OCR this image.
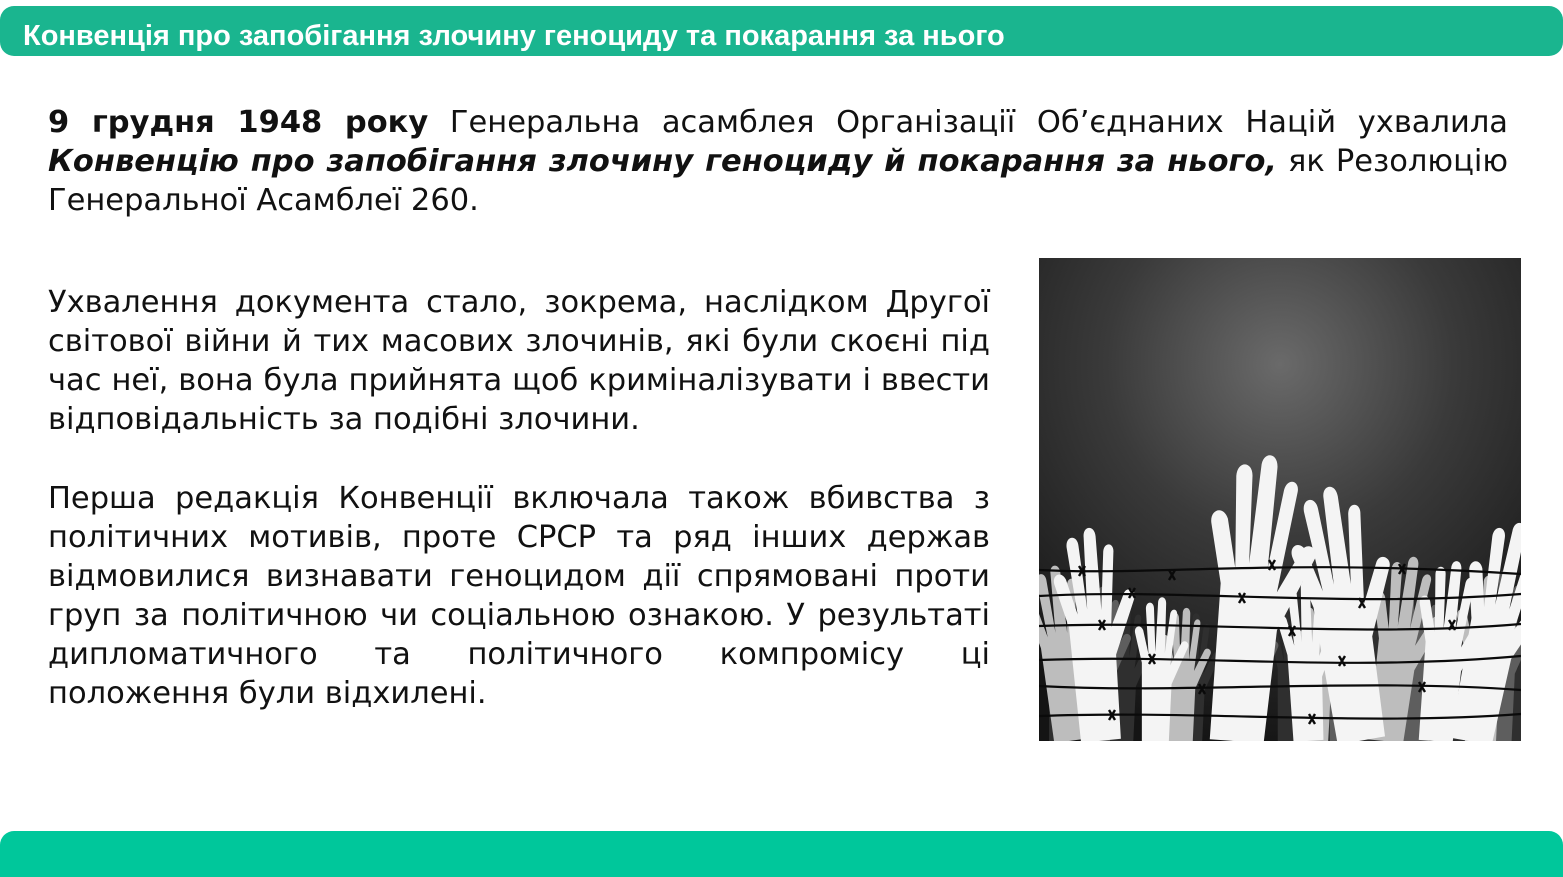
Конвенція про запобігання злочину геноциду та покарання за нього
9 грудня 1948 року Генеральна асамблея Організації Об’єднаних Націй ухвалила Конвенцію про запобігання злочину геноциду й покарання за нього, як Резолюцію Генеральної Асамблеї 260.
Ухвалення документа стало, зокрема, наслідком Другої світової війни й тих масових злочинів, які були скоєні під час неї, вона була прийнята щоб криміналізувати і ввести відповідальність за подібні злочини.
Перша редакція Конвенції включала також вбивства з політичних мотивів, проте СРСР та ряд інших держав відмовилися визнавати геноцидом дії спрямовані проти груп за політичною чи соціальною ознакою. У результаті дипломатичного та політичного компромісу ці положення були відхилені.
